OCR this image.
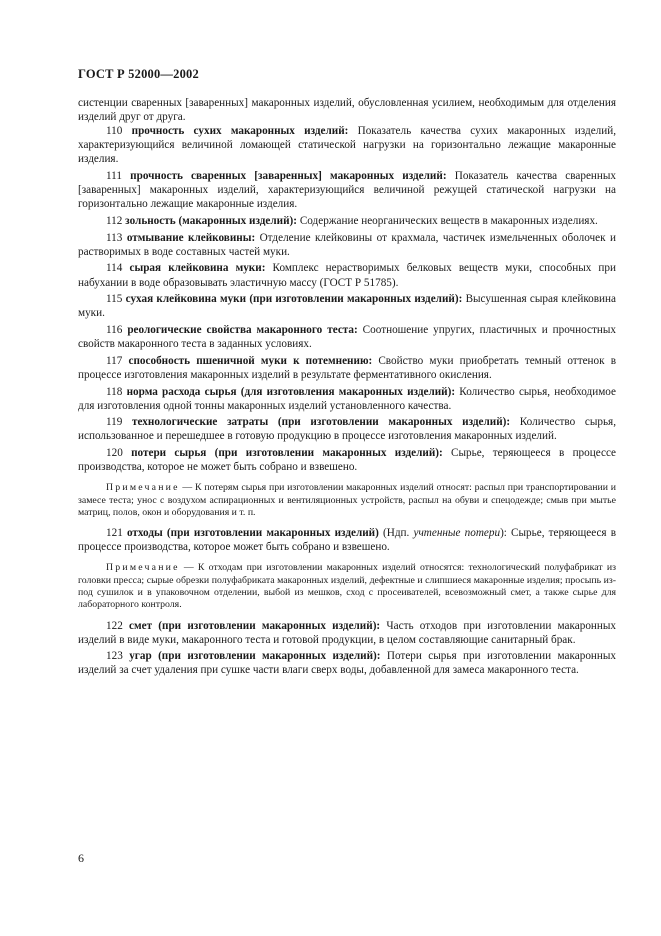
ГОСТ Р 52000—2002

систенции сваренных [заваренных] макаронных изделий, обусловленная усилием, необходимым для отделения изделий друг от друга.

110 прочность сухих макаронных изделий: Показатель качества сухих макаронных изделий, характеризующийся величиной ломающей статической нагрузки на горизонтально лежащие макаронные изделия.

111 прочность сваренных [заваренных] макаронных изделий: Показатель качества сваренных [заваренных] макаронных изделий, характеризующийся величиной режущей статической нагрузки на горизонтально лежащие макаронные изделия.

112 зольность (макаронных изделий): Содержание неорганических веществ в макаронных изделиях.

113 отмывание клейковины: Отделение клейковины от крахмала, частичек измельченных оболочек и растворимых в воде составных частей муки.

114 сырая клейковина муки: Комплекс нерастворимых белковых веществ муки, способных при набухании в воде образовывать эластичную массу (ГОСТ Р 51785).

115 сухая клейковина муки (при изготовлении макаронных изделий): Высушенная сырая клейковина муки.

116 реологические свойства макаронного теста: Соотношение упругих, пластичных и прочностных свойств макаронного теста в заданных условиях.

117 способность пшеничной муки к потемнению: Свойство муки приобретать темный оттенок в процессе изготовления макаронных изделий в результате ферментативного окисления.

118 норма расхода сырья (для изготовления макаронных изделий): Количество сырья, необходимое для изготовления одной тонны макаронных изделий установленного качества.

119 технологические затраты (при изготовлении макаронных изделий): Количество сырья, использованное и перешедшее в готовую продукцию в процессе изготовления макаронных изделий.

120 потери сырья (при изготовлении макаронных изделий): Сырье, теряющееся в процессе производства, которое не может быть собрано и взвешено.

Примечание — К потерям сырья при изготовлении макаронных изделий относят: распыл при транспортировании и замесе теста; унос с воздухом аспирационных и вентиляционных устройств, распыл на обуви и спецодежде; смыв при мытье матриц, полов, окон и оборудования и т. п.

121 отходы (при изготовлении макаронных изделий) (Ндп. учтенные потери): Сырье, теряющееся в процессе производства, которое может быть собрано и взвешено.

Примечание — К отходам при изготовлении макаронных изделий относятся: технологический полуфабрикат из головки пресса; сырые обрезки полуфабриката макаронных изделий, дефектные и слипшиеся макаронные изделия; просыпь из-под сушилок и в упаковочном отделении, выбой из мешков, сход с просеивателей, всевозможный смет, а также сырье для лабораторного контроля.

122 смет (при изготовлении макаронных изделий): Часть отходов при изготовлении макаронных изделий в виде муки, макаронного теста и готовой продукции, в целом составляющие санитарный брак.

123 угар (при изготовлении макаронных изделий): Потери сырья при изготовлении макаронных изделий за счет удаления при сушке части влаги сверх воды, добавленной для замеса макаронного теста.

6
